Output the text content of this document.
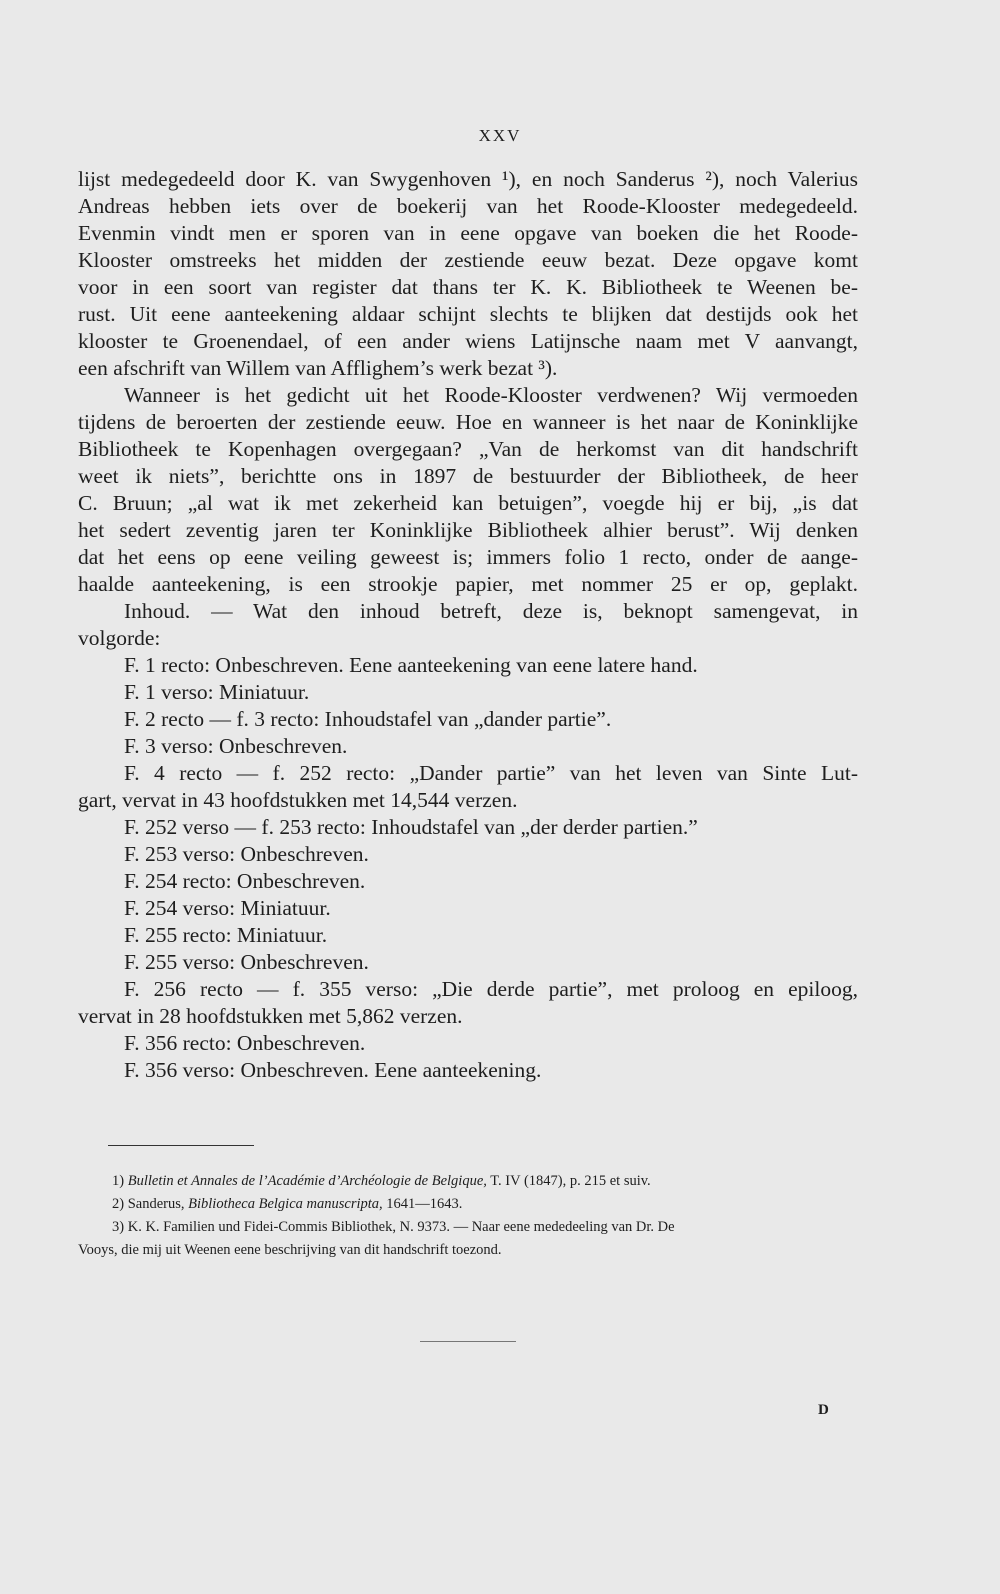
XXV
lijst medegedeeld door K. van Swygenhoven ¹), en noch Sanderus ²), noch Valerius
Andreas hebben iets over de boekerij van het Roode-Klooster medegedeeld.
Evenmin vindt men er sporen van in eene opgave van boeken die het Roode-
Klooster omstreeks het midden der zestiende eeuw bezat. Deze opgave komt
voor in een soort van register dat thans ter K. K. Bibliotheek te Weenen be-
rust. Uit eene aanteekening aldaar schijnt slechts te blijken dat destijds ook het
klooster te Groenendael, of een ander wiens Latijnsche naam met V aanvangt,
een afschrift van Willem van Afflighem’s werk bezat ³).
Wanneer is het gedicht uit het Roode-Klooster verdwenen? Wij vermoeden
tijdens de beroerten der zestiende eeuw. Hoe en wanneer is het naar de Koninklijke
Bibliotheek te Kopenhagen overgegaan? „Van de herkomst van dit handschrift
weet ik niets”, berichtte ons in 1897 de bestuurder der Bibliotheek, de heer
C. Bruun; „al wat ik met zekerheid kan betuigen”, voegde hij er bij, „is dat
het sedert zeventig jaren ter Koninklijke Bibliotheek alhier berust”. Wij denken
dat het eens op eene veiling geweest is; immers folio 1 recto, onder de aange-
haalde aanteekening, is een strookje papier, met nommer 25 er op, geplakt.
Inhoud. — Wat den inhoud betreft, deze is, beknopt samengevat, in
volgorde:
F. 1 recto: Onbeschreven. Eene aanteekening van eene latere hand.
F. 1 verso: Miniatuur.
F. 2 recto — f. 3 recto: Inhoudstafel van „dander partie”.
F. 3 verso: Onbeschreven.
F. 4 recto — f. 252 recto: „Dander partie” van het leven van Sinte Lut-
gart, vervat in 43 hoofdstukken met 14,544 verzen.
F. 252 verso — f. 253 recto: Inhoudstafel van „der derder partien.”
F. 253 verso: Onbeschreven.
F. 254 recto: Onbeschreven.
F. 254 verso: Miniatuur.
F. 255 recto: Miniatuur.
F. 255 verso: Onbeschreven.
F. 256 recto — f. 355 verso: „Die derde partie”, met proloog en epiloog,
vervat in 28 hoofdstukken met 5,862 verzen.
F. 356 recto: Onbeschreven.
F. 356 verso: Onbeschreven. Eene aanteekening.
1) Bulletin et Annales de l’Académie d’Archéologie de Belgique, T. IV (1847), p. 215 et suiv.
2) Sanderus, Bibliotheca Belgica manuscripta, 1641—1643.
3) K. K. Familien und Fidei-Commis Bibliothek, N. 9373. — Naar eene mededeeling van Dr. De
Vooys, die mij uit Weenen eene beschrijving van dit handschrift toezond.
D
